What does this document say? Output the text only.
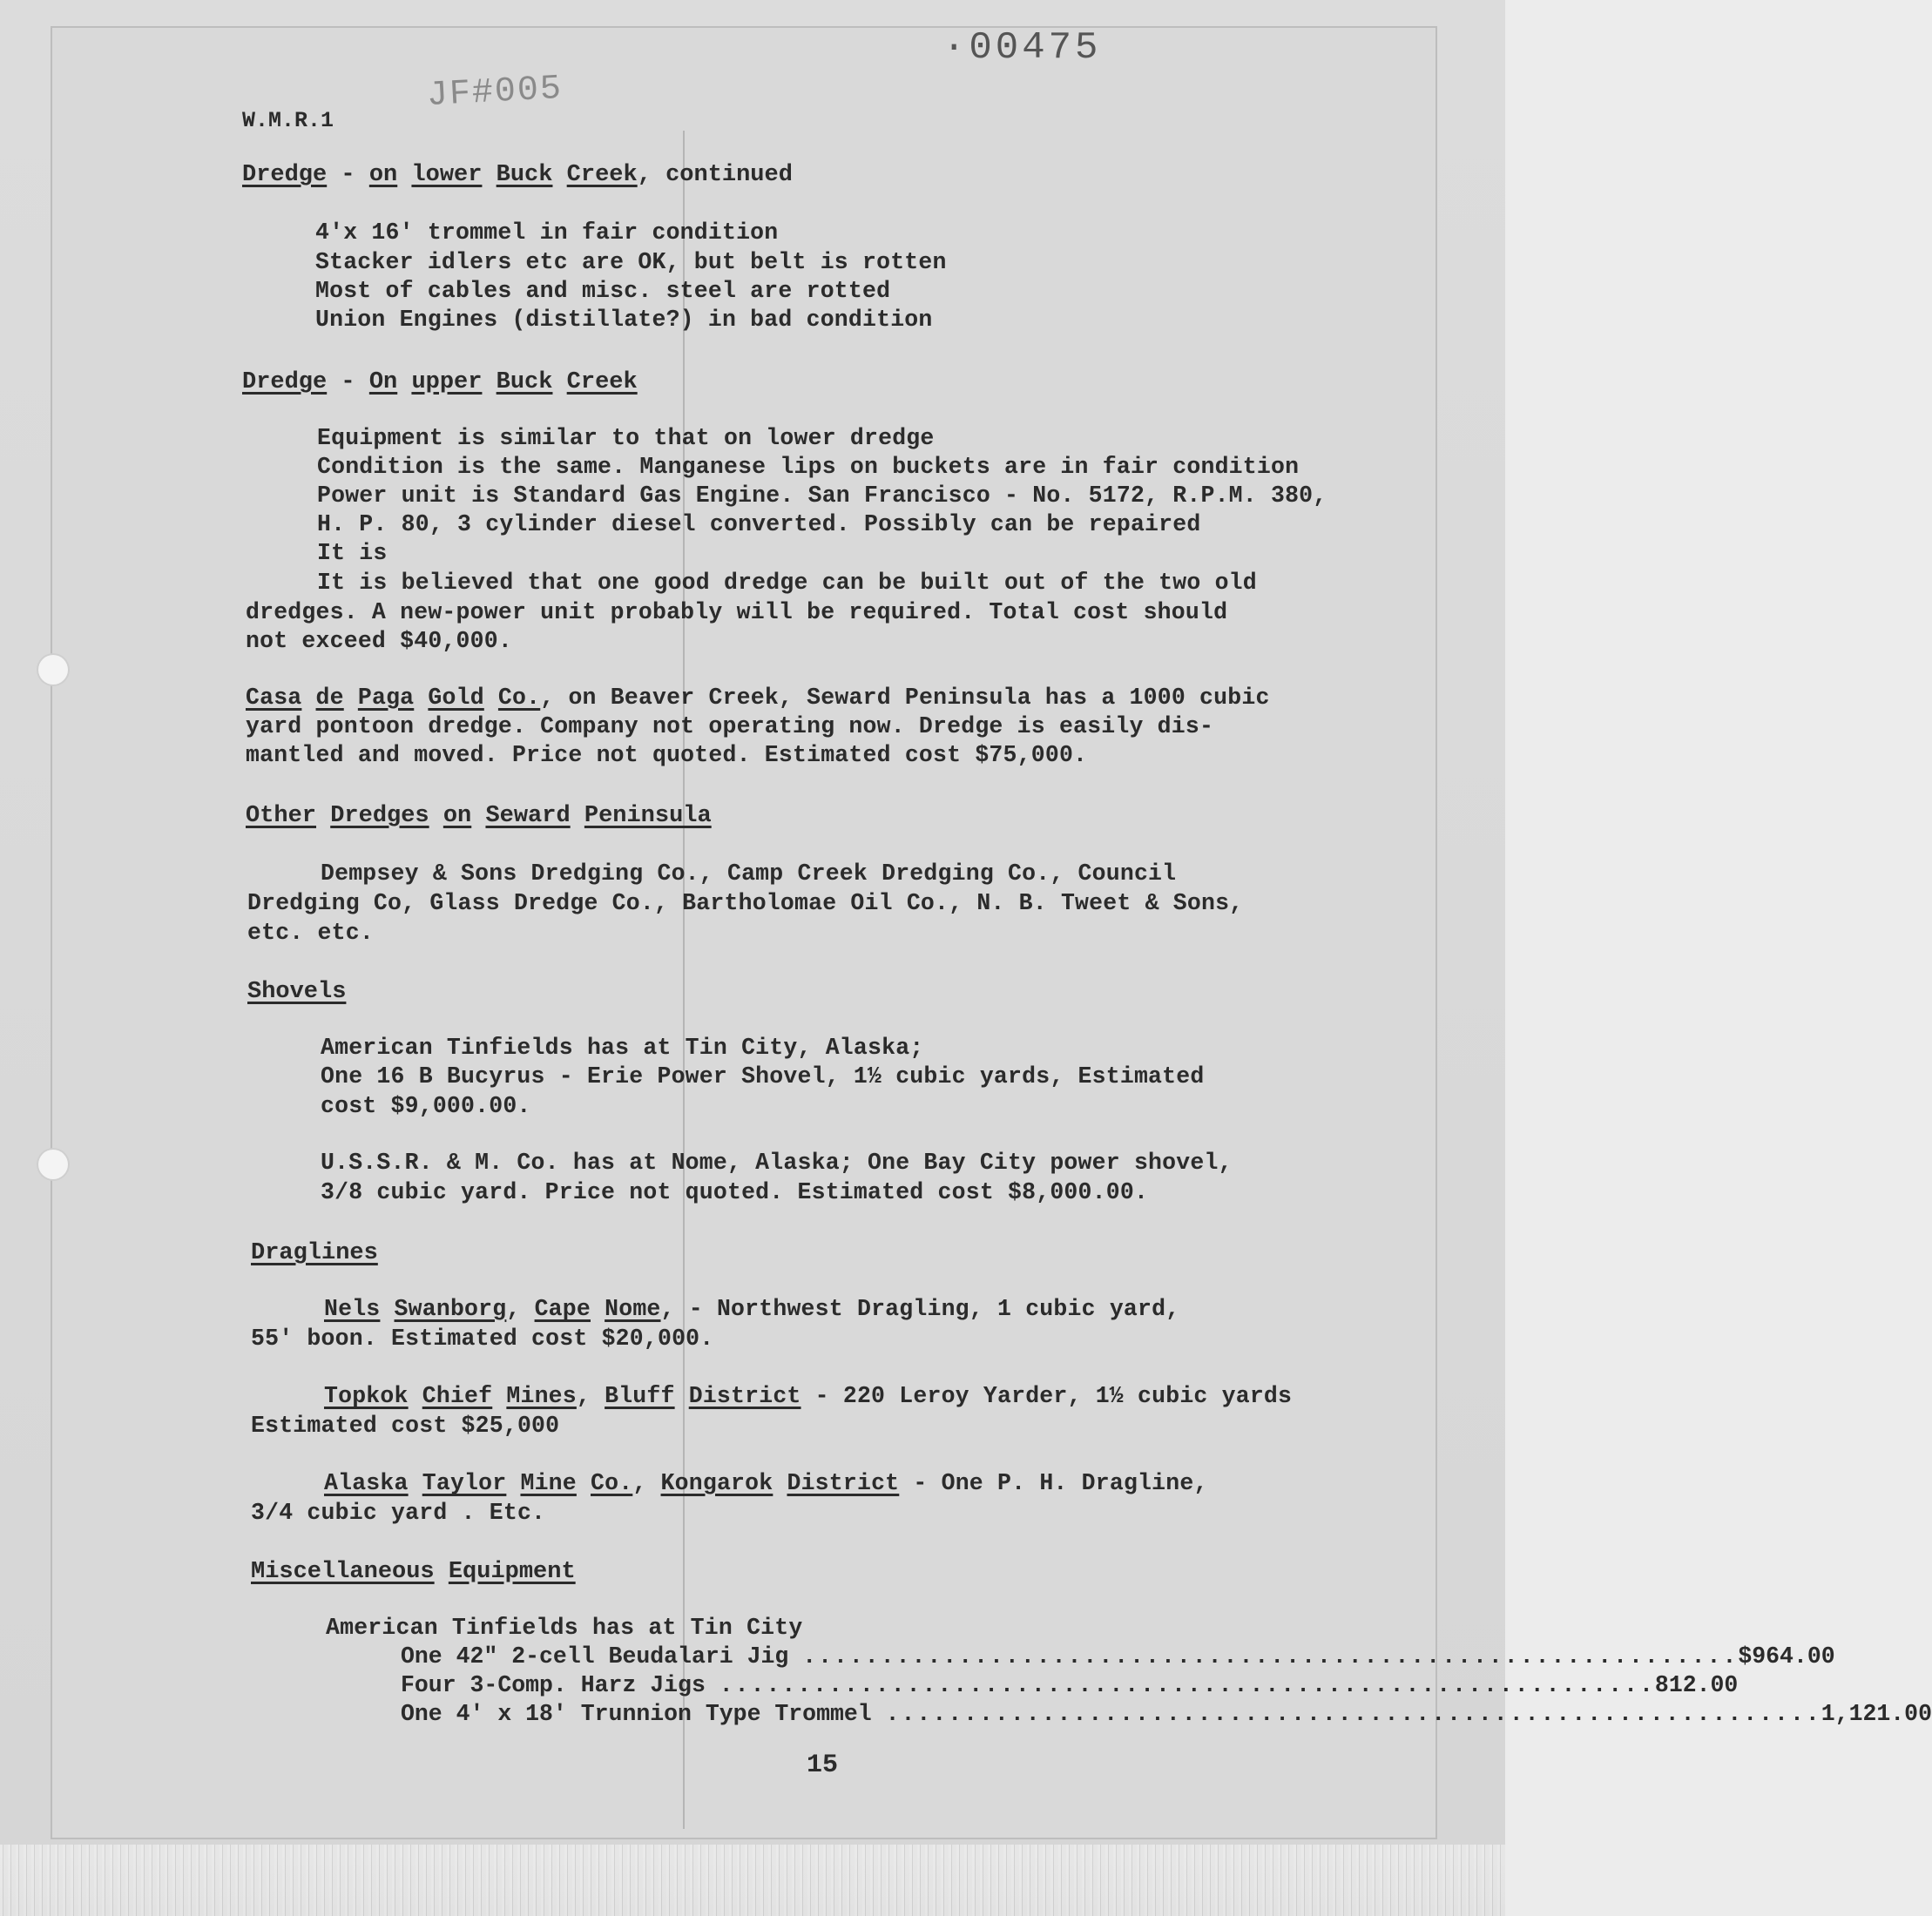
·00475
JF#005
W.M.R.1
Dredge - on lower Buck Creek, continued
4'x 16' trommel in fair condition
Stacker idlers etc are OK, but belt is rotten
Most of cables and misc. steel are rotted
Union Engines (distillate?) in bad condition
Dredge - On upper Buck Creek
Equipment is similar to that on lower dredge
Condition is the same. Manganese lips on buckets are in fair condition
Power unit is Standard Gas Engine. San Francisco - No. 5172, R.P.M. 380,
H. P. 80, 3 cylinder diesel converted. Possibly can be repaired
It is
It is believed that one good dredge can be built out of the two old
dredges. A new-power unit probably will be required. Total cost should
not exceed $40,000.
Casa de Paga Gold Co., on Beaver Creek, Seward Peninsula has a 1000 cubic
yard pontoon dredge. Company not operating now. Dredge is easily dis-
mantled and moved. Price not quoted. Estimated cost $75,000.
Other Dredges on Seward Peninsula
Dempsey & Sons Dredging Co., Camp Creek Dredging Co., Council
Dredging Co, Glass Dredge Co., Bartholomae Oil Co., N. B. Tweet & Sons,
etc. etc.
Shovels
American Tinfields has at Tin City, Alaska;
One 16 B Bucyrus - Erie Power Shovel, 1½ cubic yards, Estimated
cost $9,000.00.
U.S.S.R. & M. Co. has at Nome, Alaska; One Bay City power shovel,
3/8 cubic yard. Price not quoted. Estimated cost $8,000.00.
Draglines
Nels Swanborg, Cape Nome, - Northwest Dragling, 1 cubic yard,
55' boon. Estimated cost $20,000.
Topkok Chief Mines, Bluff District - 220 Leroy Yarder, 1½ cubic yards
Estimated cost $25,000
Alaska Taylor Mine Co., Kongarok District - One P. H. Dragline,
3/4 cubic yard . Etc.
Miscellaneous Equipment
American Tinfields has at Tin City
One 42" 2-cell Beudalari Jig
............................................................ $ 964.00
Four 3-Comp. Harz Jigs
............................................................ 812.00
One 4' x 18' Trunnion Type Trommel
............................................................ 1,121.00
15
